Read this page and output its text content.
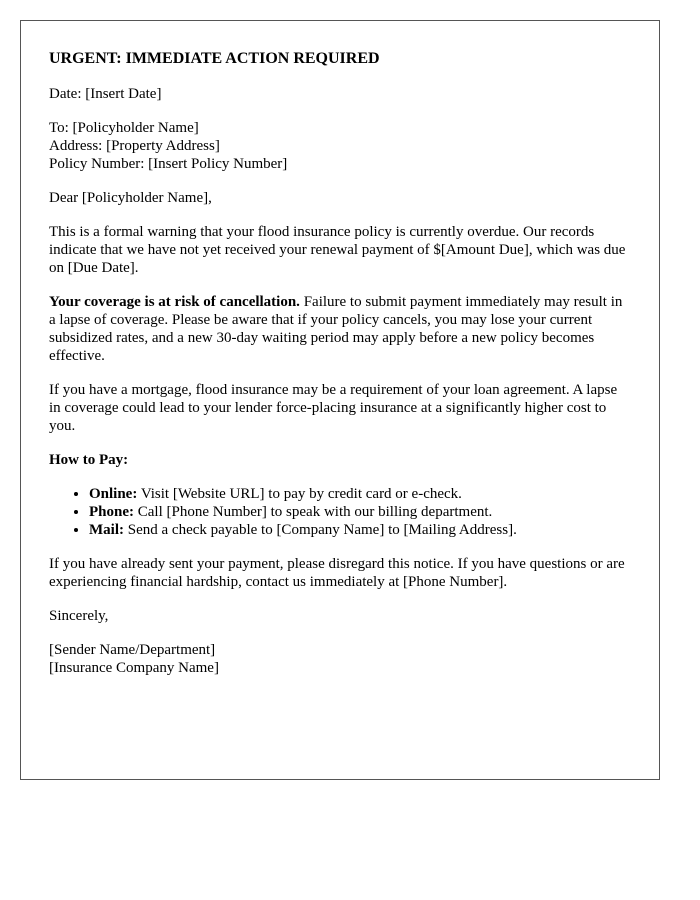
URGENT: IMMEDIATE ACTION REQUIRED

Date: [Insert Date]

To: [Policyholder Name]
Address: [Property Address]
Policy Number: [Insert Policy Number]

Dear [Policyholder Name],

This is a formal warning that your flood insurance policy is currently overdue. Our records indicate that we have not yet received your renewal payment of $[Amount Due], which was due on [Due Date].

Your coverage is at risk of cancellation. Failure to submit payment immediately may result in a lapse of coverage. Please be aware that if your policy cancels, you may lose your current subsidized rates, and a new 30-day waiting period may apply before a new policy becomes effective.

If you have a mortgage, flood insurance may be a requirement of your loan agreement. A lapse in coverage could lead to your lender force-placing insurance at a significantly higher cost to you.

How to Pay:

• Online: Visit [Website URL] to pay by credit card or e-check.
• Phone: Call [Phone Number] to speak with our billing department.
• Mail: Send a check payable to [Company Name] to [Mailing Address].

If you have already sent your payment, please disregard this notice. If you have questions or are experiencing financial hardship, contact us immediately at [Phone Number].

Sincerely,

[Sender Name/Department]
[Insurance Company Name]
